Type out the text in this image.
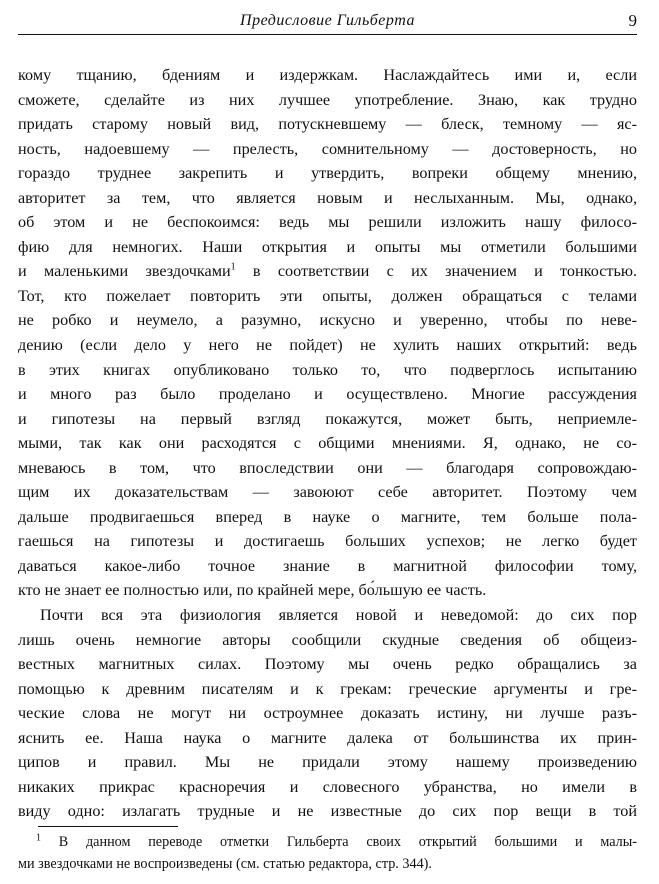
Предисловие Гильберта	9
кому тщанию, бдениям и издержкам. Наслаждайтесь ими и, если
сможете, сделайте из них лучшее употребление. Знаю, как трудно
придать старому новый вид, потускневшему — блеск, темному — яс-
ность, надоевшему — прелесть, сомнительному — достоверность, но
гораздо труднее закрепить и утвердить, вопреки общему мнению,
авторитет за тем, что является новым и неслыханным. Мы, однако,
об этом и не беспокоимся: ведь мы решили изложить нашу филосо-
фию для немногих. Наши открытия и опыты мы отметили большими
и маленькими звездочками$^1$ в соответствии с их значением и тонкостью.
Тот, кто пожелает повторить эти опыты, должен обращаться с телами
не робко и неумело, а разумно, искусно и уверенно, чтобы по неве-
дению (если дело у него не пойдет) не хулить наших открытий: ведь
в этих книгах опубликовано только то, что подверглось испытанию
и много раз было проделано и осуществлено. Многие рассуждения
и гипотезы на первый взгляд покажутся, может быть, неприемле-
мыми, так как они расходятся с общими мнениями. Я, однако, не со-
мневаюсь в том, что впоследствии они — благодаря сопровождаю-
щим их доказательствам — завоюют себе авторитет. Поэтому чем
дальше продвигаешься вперед в науке о магните, тем больше пола-
гаешься на гипотезы и достигаешь больших успехов; не легко будет
даваться какое-либо точное знание в магнитной философии тому,
кто не знает ее полностью или, по крайней мере, бо́льшую ее часть.
Почти вся эта физиология является новой и неведомой: до сих пор
лишь очень немногие авторы сообщили скудные сведения об общеиз-
вестных магнитных силах. Поэтому мы очень редко обращались за
помощью к древним писателям и к грекам: греческие аргументы и гре-
ческие слова не могут ни остроумнее доказать истину, ни лучше разъ-
яснить ее. Наша наука о магните далека от большинства их прин-
ципов и правил. Мы не придали этому нашему произведению
никаких прикрас красноречия и словесного убранства, но имели в
виду одно: излагать трудные и не известные до сих пор вещи в той
$^1$ В данном переводе отметки Гильберта своих открытий большими и малы-
ми звездочками не воспроизведены (см. статью редактора, стр. 344).
